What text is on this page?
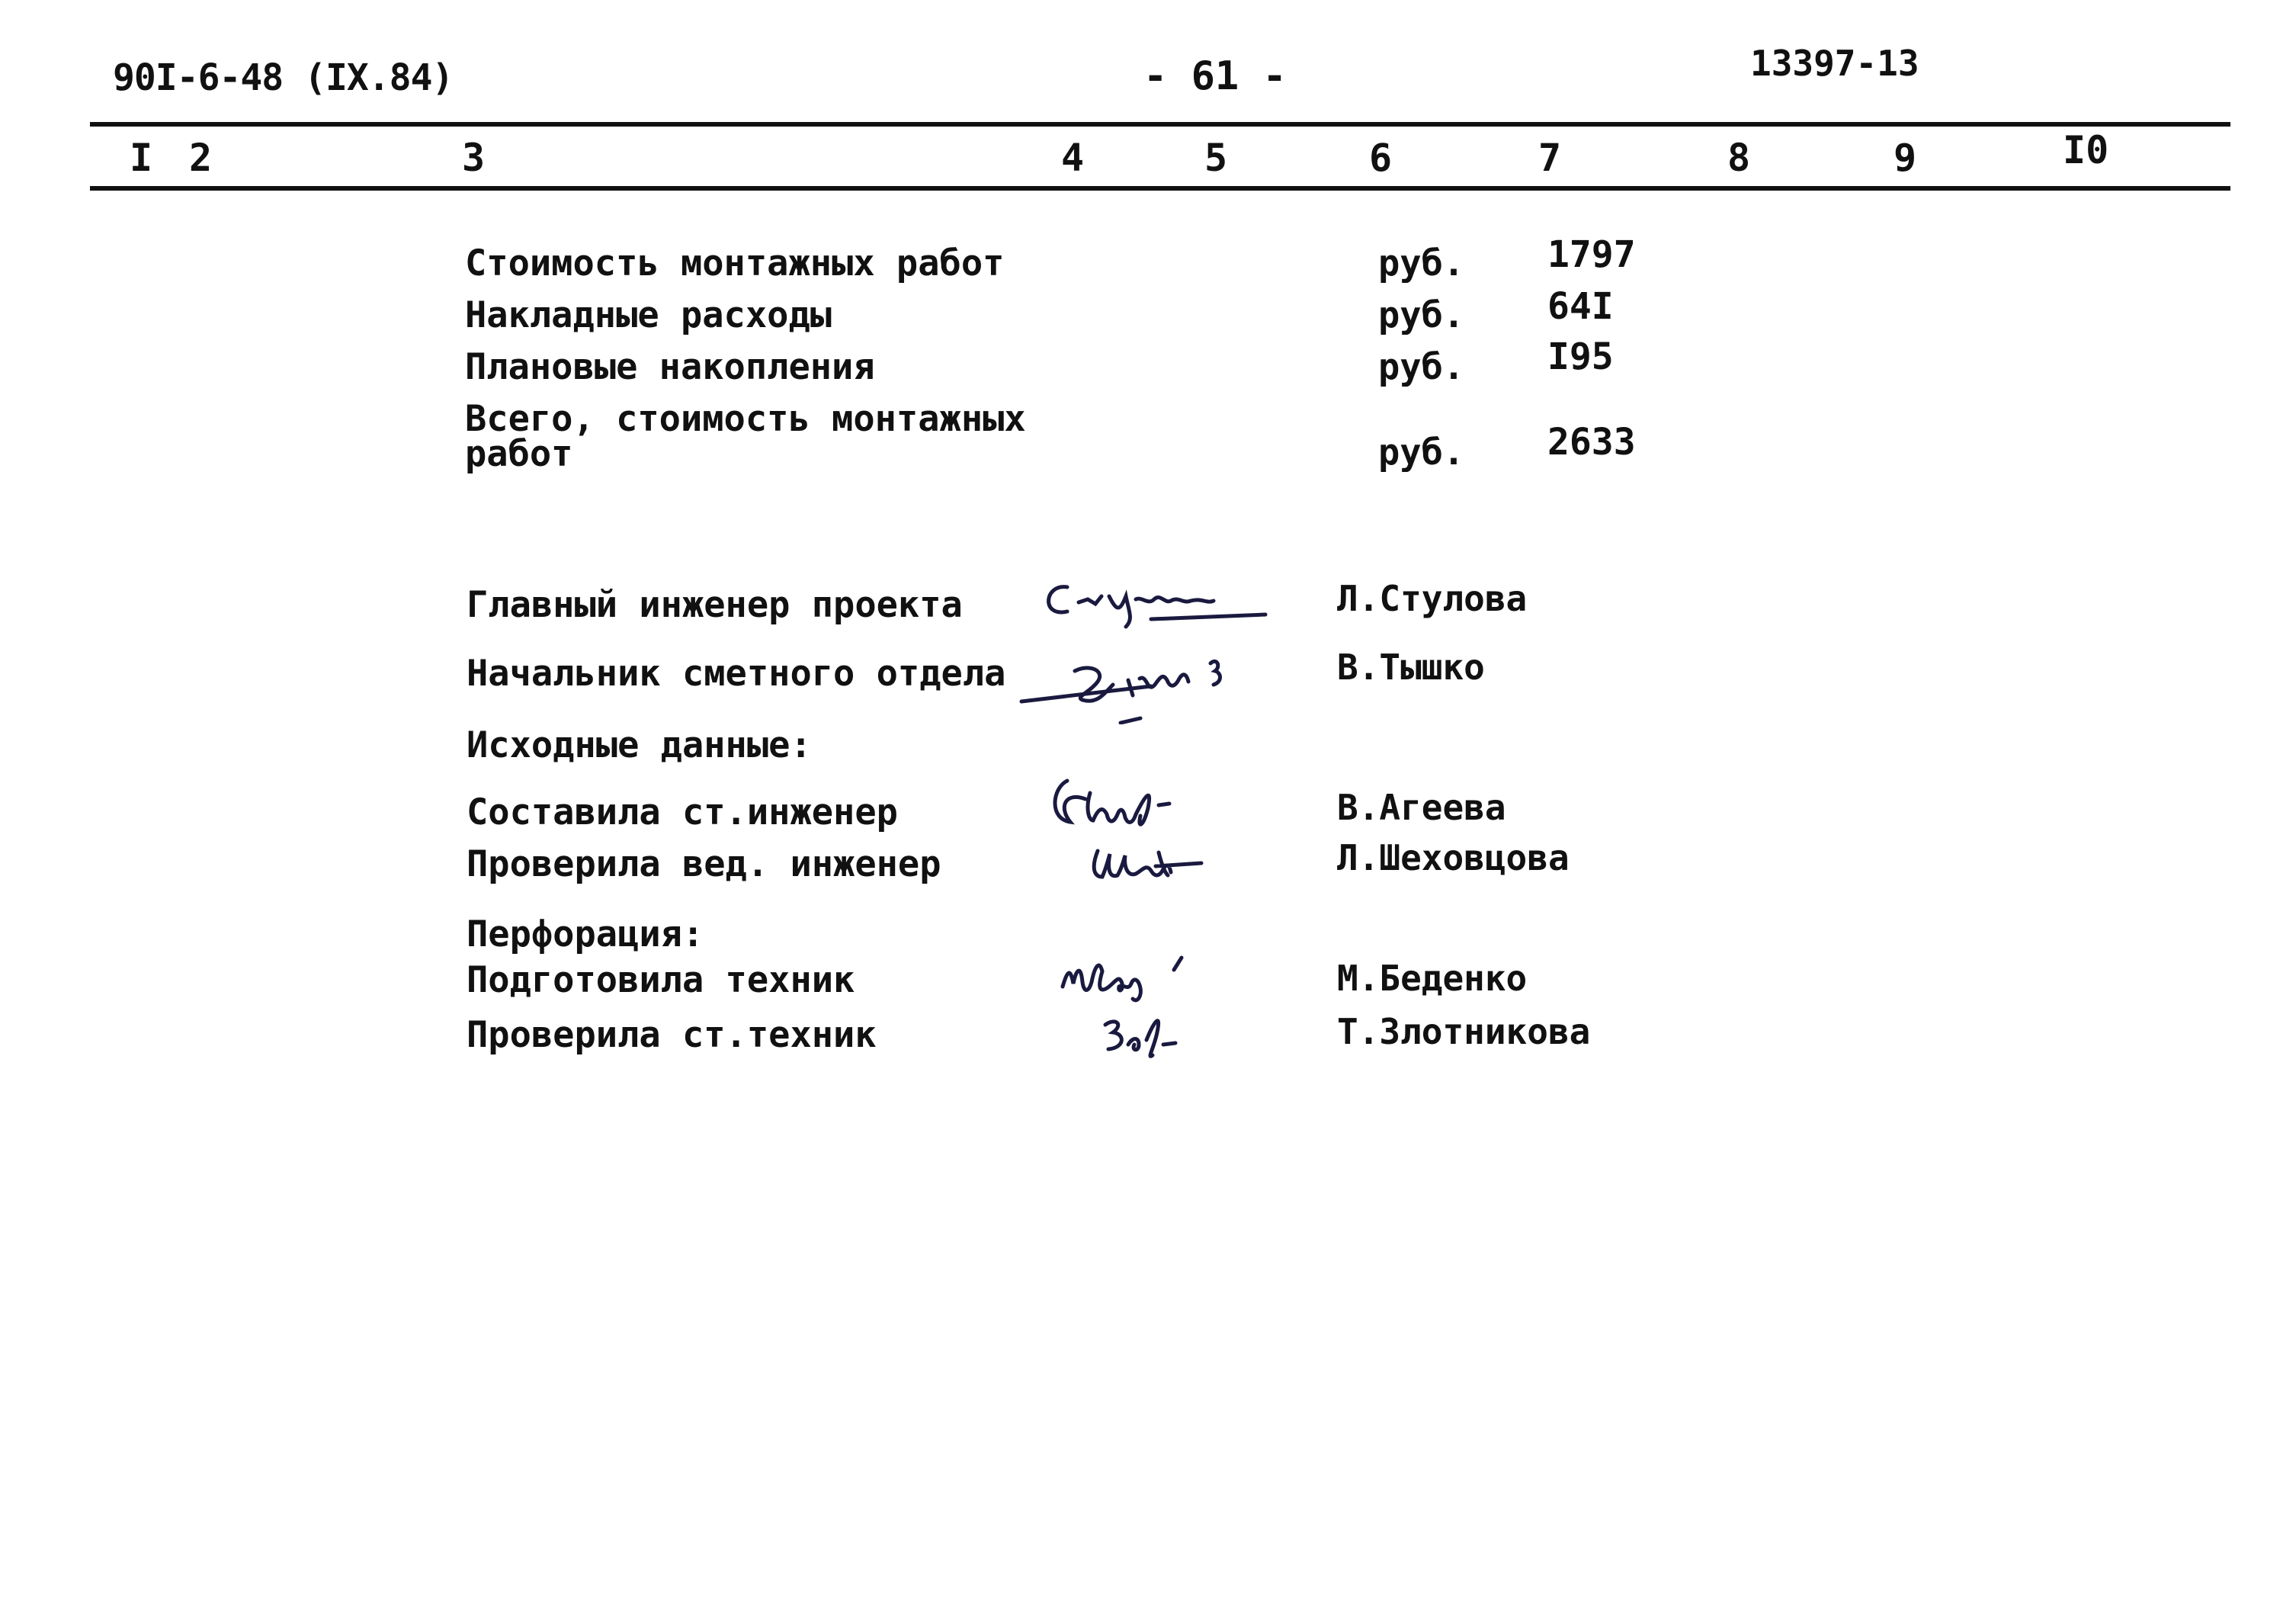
90I-6-48 (IX.84)	- 61 -	13397-13
I 2	3	4	5	6	7	8	9	I0
Стоимость монтажных работ	руб. 1797
Накладные расходы	руб. 64I
Плановые накопления	руб. I95
Всего, стоимость монтажных
работ	руб. 2633
Главный инженер проекта	Л.Стулова
Начальник сметного отдела	В.Тышко
Исходные данные:
Составила ст.инженер	В.Агеева
Проверила вед. инженер	Л.Шеховцова
Перфорация:
Подготовила техник	М.Беденко
Проверила ст.техник	Т.Злотникова
